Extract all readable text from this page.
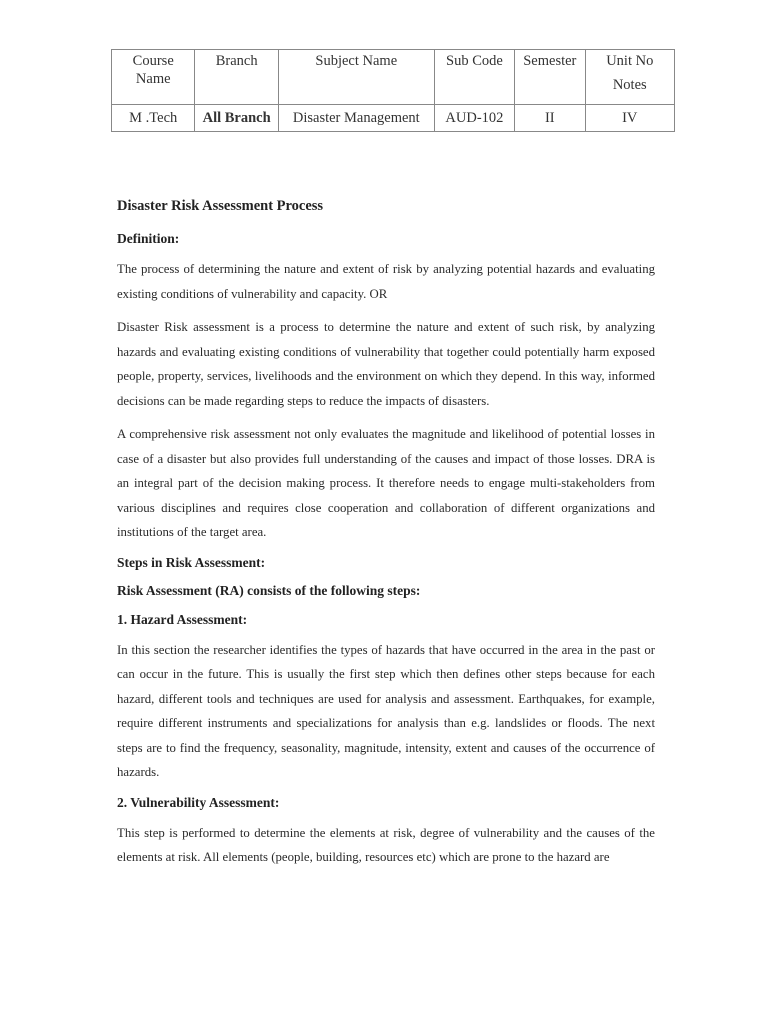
Course Name	Branch	Subject Name	Sub Code	Semester	Unit No
Notes

M .Tech	All Branch	Disaster Management	AUD-102	II	IV

Disaster Risk Assessment Process

Definition:

The process of determining the nature and extent of risk by analyzing potential hazards and evaluating existing conditions of vulnerability and capacity. OR

Disaster Risk assessment is a process to determine the nature and extent of such risk, by analyzing hazards and evaluating existing conditions of vulnerability that together could potentially harm exposed people, property, services, livelihoods and the environment on which they depend. In this way, informed decisions can be made regarding steps to reduce the impacts of disasters.

A comprehensive risk assessment not only evaluates the magnitude and likelihood of potential losses in case of a disaster but also provides full understanding of the causes and impact of those losses. DRA is an integral part of the decision making process. It therefore needs to engage multi-stakeholders from various disciplines and requires close cooperation and collaboration of different organizations and institutions of the target area.

Steps in Risk Assessment:

Risk Assessment (RA) consists of the following steps:

1. Hazard Assessment:

In this section the researcher identifies the types of hazards that have occurred in the area in the past or can occur in the future. This is usually the first step which then defines other steps because for each hazard, different tools and techniques are used for analysis and assessment. Earthquakes, for example, require different instruments and specializations for analysis than e.g. landslides or floods. The next steps are to find the frequency, seasonality, magnitude, intensity, extent and causes of the occurrence of hazards.

2. Vulnerability Assessment:

This step is performed to determine the elements at risk, degree of vulnerability and the causes of the elements at risk. All elements (people, building, resources etc) which are prone to the hazard are
